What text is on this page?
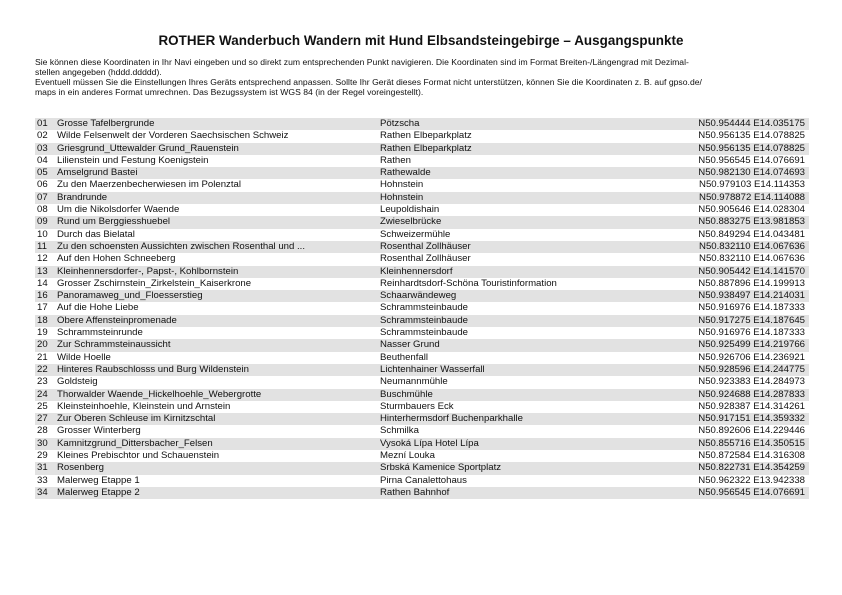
ROTHER Wanderbuch Wandern mit Hund Elbsandsteingebirge – Ausgangspunkte

Sie können diese Koordinaten in Ihr Navi eingeben und so direkt zum entsprechenden Punkt navigieren. Die Koordinaten sind im Format Breiten-/Längengrad mit Dezimal-

stellen angegeben (hddd.ddddd).

Eventuell müssen Sie die Einstellungen Ihres Geräts entsprechend anpassen. Sollte Ihr Gerät dieses Format nicht unterstützen, können Sie die Koordinaten z. B. auf gpso.de/

maps in ein anderes Format umrechnen. Das Bezugssystem ist WGS 84 (in der Regel voreingestellt).

01 Grosse Tafelbergrunde	Pötzscha	N50.954444 E14.035175
02 Wilde Felsenwelt der Vorderen Saechsischen Schweiz	Rathen Elbeparkplatz	N50.956135 E14.078825
03 Griesgrund_Uttewalder Grund_Rauenstein	Rathen Elbeparkplatz	N50.956135 E14.078825
04 Lilienstein und Festung Koenigstein	Rathen	N50.956545 E14.076691
05 Amselgrund Bastei	Rathewalde	N50.982130 E14.074693
06 Zu den Maerzenbecherwiesen im Polenztal	Hohnstein	N50.979103 E14.114353
07 Brandrunde	Hohnstein	N50.978872 E14.114088
08 Um die Nikolsdorfer Waende	Leupoldishain	N50.905646 E14.028304
09 Rund um Berggiesshuebel	Zwieselbrücke	N50.883275 E13.981853
10 Durch das Bielatal	Schweizermühle	N50.849294 E14.043481
11	Zu den schoensten Aussichten zwischen Rosenthal und ...	Rosenthal Zollhäuser	N50.832110 E14.067636
12 Auf den Hohen Schneeberg	Rosenthal Zollhäuser	N50.832110 E14.067636
13 Kleinhennersdorfer-, Papst-, Kohlbornstein	Kleinhennersdorf	N50.905442 E14.141570
14 Grosser Zschirnstein_Zirkelstein_Kaiserkrone	Reinhardtsdorf-Schöna Touristinformation	N50.887896 E14.199913
16 Panoramaweg_und_Floesserstieg	Schaarwändeweg	N50.938497 E14.214031
17 Auf die Hohe Liebe	Schrammsteinbaude	N50.916976 E14.187333
18 Obere Affensteinpromenade	Schrammsteinbaude	N50.917275 E14.187645
19 Schrammsteinrunde	Schrammsteinbaude	N50.916976 E14.187333
20 Zur Schrammsteinaussicht	Nasser Grund	N50.925499 E14.219766
21 Wilde Hoelle	Beuthenfall	N50.926706 E14.236921
22 Hinteres Raubschlosss und Burg Wildenstein	Lichtenhainer Wasserfall	N50.928596 E14.244775
23 Goldsteig	Neumannmühle	N50.923383 E14.284973
24 Thorwalder Waende_Hickelhoehle_Webergrotte	Buschmühle	N50.924688 E14.287833
25 Kleinsteinhoehle, Kleinstein und Arnstein	Sturmbauers Eck	N50.928387 E14.314261
27 Zur Oberen Schleuse im Kirnitzschtal	Hinterhermsdorf Buchenparkhalle	N50.917151 E14.359332
28 Grosser Winterberg	Schmilka	N50.892606 E14.229446
30 Kamnitzgrund_Dittersbacher_Felsen	Vysoká Lípa Hotel Lípa	N50.855716 E14.350515
29 Kleines Prebischtor und Schauenstein	Mezní Louka	N50.872584 E14.316308
31 Rosenberg	Srbská Kamenice Sportplatz	N50.822731 E14.354259
33 Malerweg Etappe 1	Pirna Canalettohaus	N50.962322 E13.942338
34 Malerweg Etappe 2	Rathen Bahnhof	N50.956545 E14.076691
